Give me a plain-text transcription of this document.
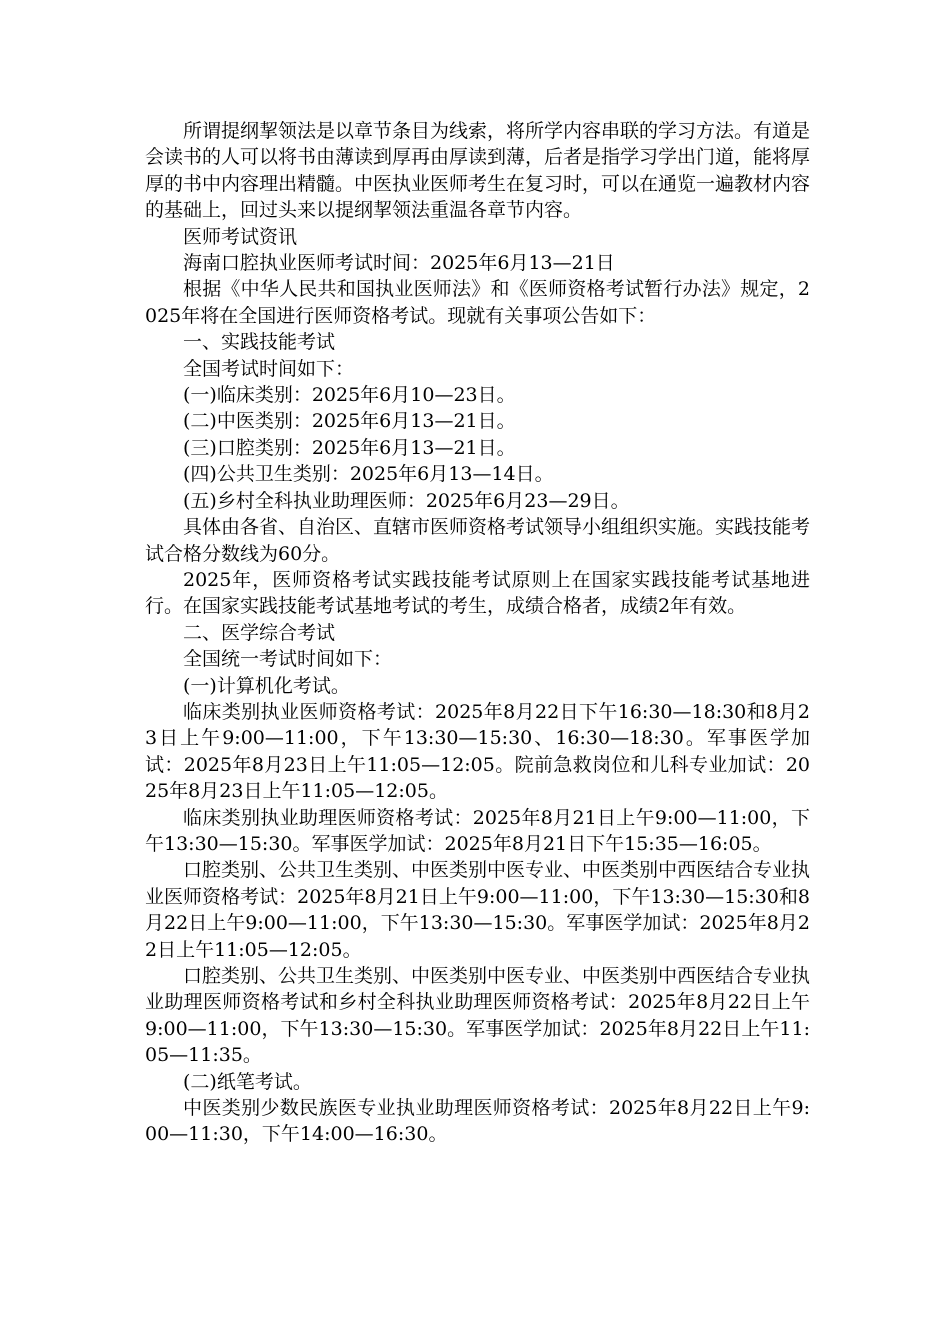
所谓提纲挈领法是以章节条目为线索，将所学内容串联的学习方法。有道是会读书的人可以将书由薄读到厚再由厚读到薄，后者是指学习学出门道，能将厚厚的书中内容理出精髓。中医执业医师考生在复习时，可以在通览一遍教材内容的基础上，回过头来以提纲挈领法重温各章节内容。

医师考试资讯

海南口腔执业医师考试时间：2025年6月13—21日

根据《中华人民共和国执业医师法》和《医师资格考试暂行办法》规定，2025年将在全国进行医师资格考试。现就有关事项公告如下：

一、实践技能考试

全国考试时间如下：

(一)临床类别：2025年6月10—23日。

(二)中医类别：2025年6月13—21日。

(三)口腔类别：2025年6月13—21日。

(四)公共卫生类别：2025年6月13—14日。

(五)乡村全科执业助理医师：2025年6月23—29日。

具体由各省、自治区、直辖市医师资格考试领导小组组织实施。实践技能考试合格分数线为60分。

2025年，医师资格考试实践技能考试原则上在国家实践技能考试基地进行。在国家实践技能考试基地考试的考生，成绩合格者，成绩2年有效。

二、医学综合考试

全国统一考试时间如下：

(一)计算机化考试。

临床类别执业医师资格考试：2025年8月22日下午16:30—18:30和8月23日上午9:00—11:00，下午13:30—15:30、16:30—18:30。军事医学加试：2025年8月23日上午11:05—12:05。院前急救岗位和儿科专业加试：2025年8月23日上午11:05—12:05。

临床类别执业助理医师资格考试：2025年8月21日上午9:00—11:00，下午13:30—15:30。军事医学加试：2025年8月21日下午15:35—16:05。

口腔类别、公共卫生类别、中医类别中医专业、中医类别中西医结合专业执业医师资格考试：2025年8月21日上午9:00—11:00，下午13:30—15:30和8月22日上午9:00—11:00，下午13:30—15:30。军事医学加试：2025年8月22日上午11:05—12:05。

口腔类别、公共卫生类别、中医类别中医专业、中医类别中西医结合专业执业助理医师资格考试和乡村全科执业助理医师资格考试：2025年8月22日上午9:00—11:00，下午13:30—15:30。军事医学加试：2025年8月22日上午11:05—11:35。

(二)纸笔考试。

中医类别少数民族医专业执业助理医师资格考试：2025年8月22日上午9:00—11:30，下午14:00—16:30。
